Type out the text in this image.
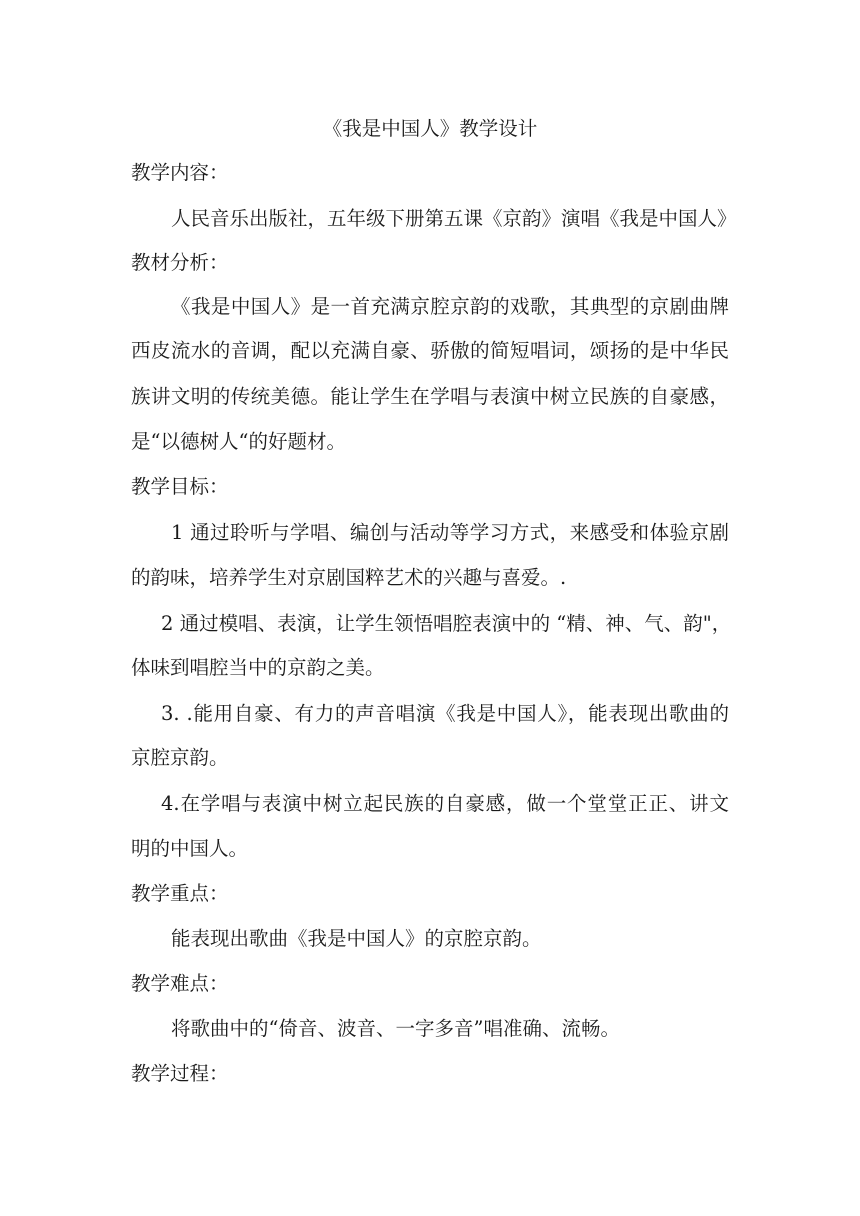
《我是中国人》教学设计
教学内容：
人民音乐出版社，五年级下册第五课《京韵》演唱《我是中国人》
教材分析：
《我是中国人》是一首充满京腔京韵的戏歌，其典型的京剧曲牌
西皮流水的音调，配以充满自豪、骄傲的简短唱词，颂扬的是中华民
族讲文明的传统美德。能让学生在学唱与表演中树立民族的自豪感，
是“以德树人“的好题材。
教学目标：
1 通过聆听与学唱、编创与活动等学习方式，来感受和体验京剧
的韵味，培养学生对京剧国粹艺术的兴趣与喜爱。.
2 通过模唱、表演，让学生领悟唱腔表演中的 “精、神、气、韵"，
体味到唱腔当中的京韵之美。
3. .能用自豪、有力的声音唱演《我是中国人》，能表现出歌曲的
京腔京韵。
4.在学唱与表演中树立起民族的自豪感，做一个堂堂正正、讲文
明的中国人。
教学重点：
能表现出歌曲《我是中国人》的京腔京韵。
教学难点：
将歌曲中的“倚音、波音、一字多音”唱准确、流畅。
教学过程：
